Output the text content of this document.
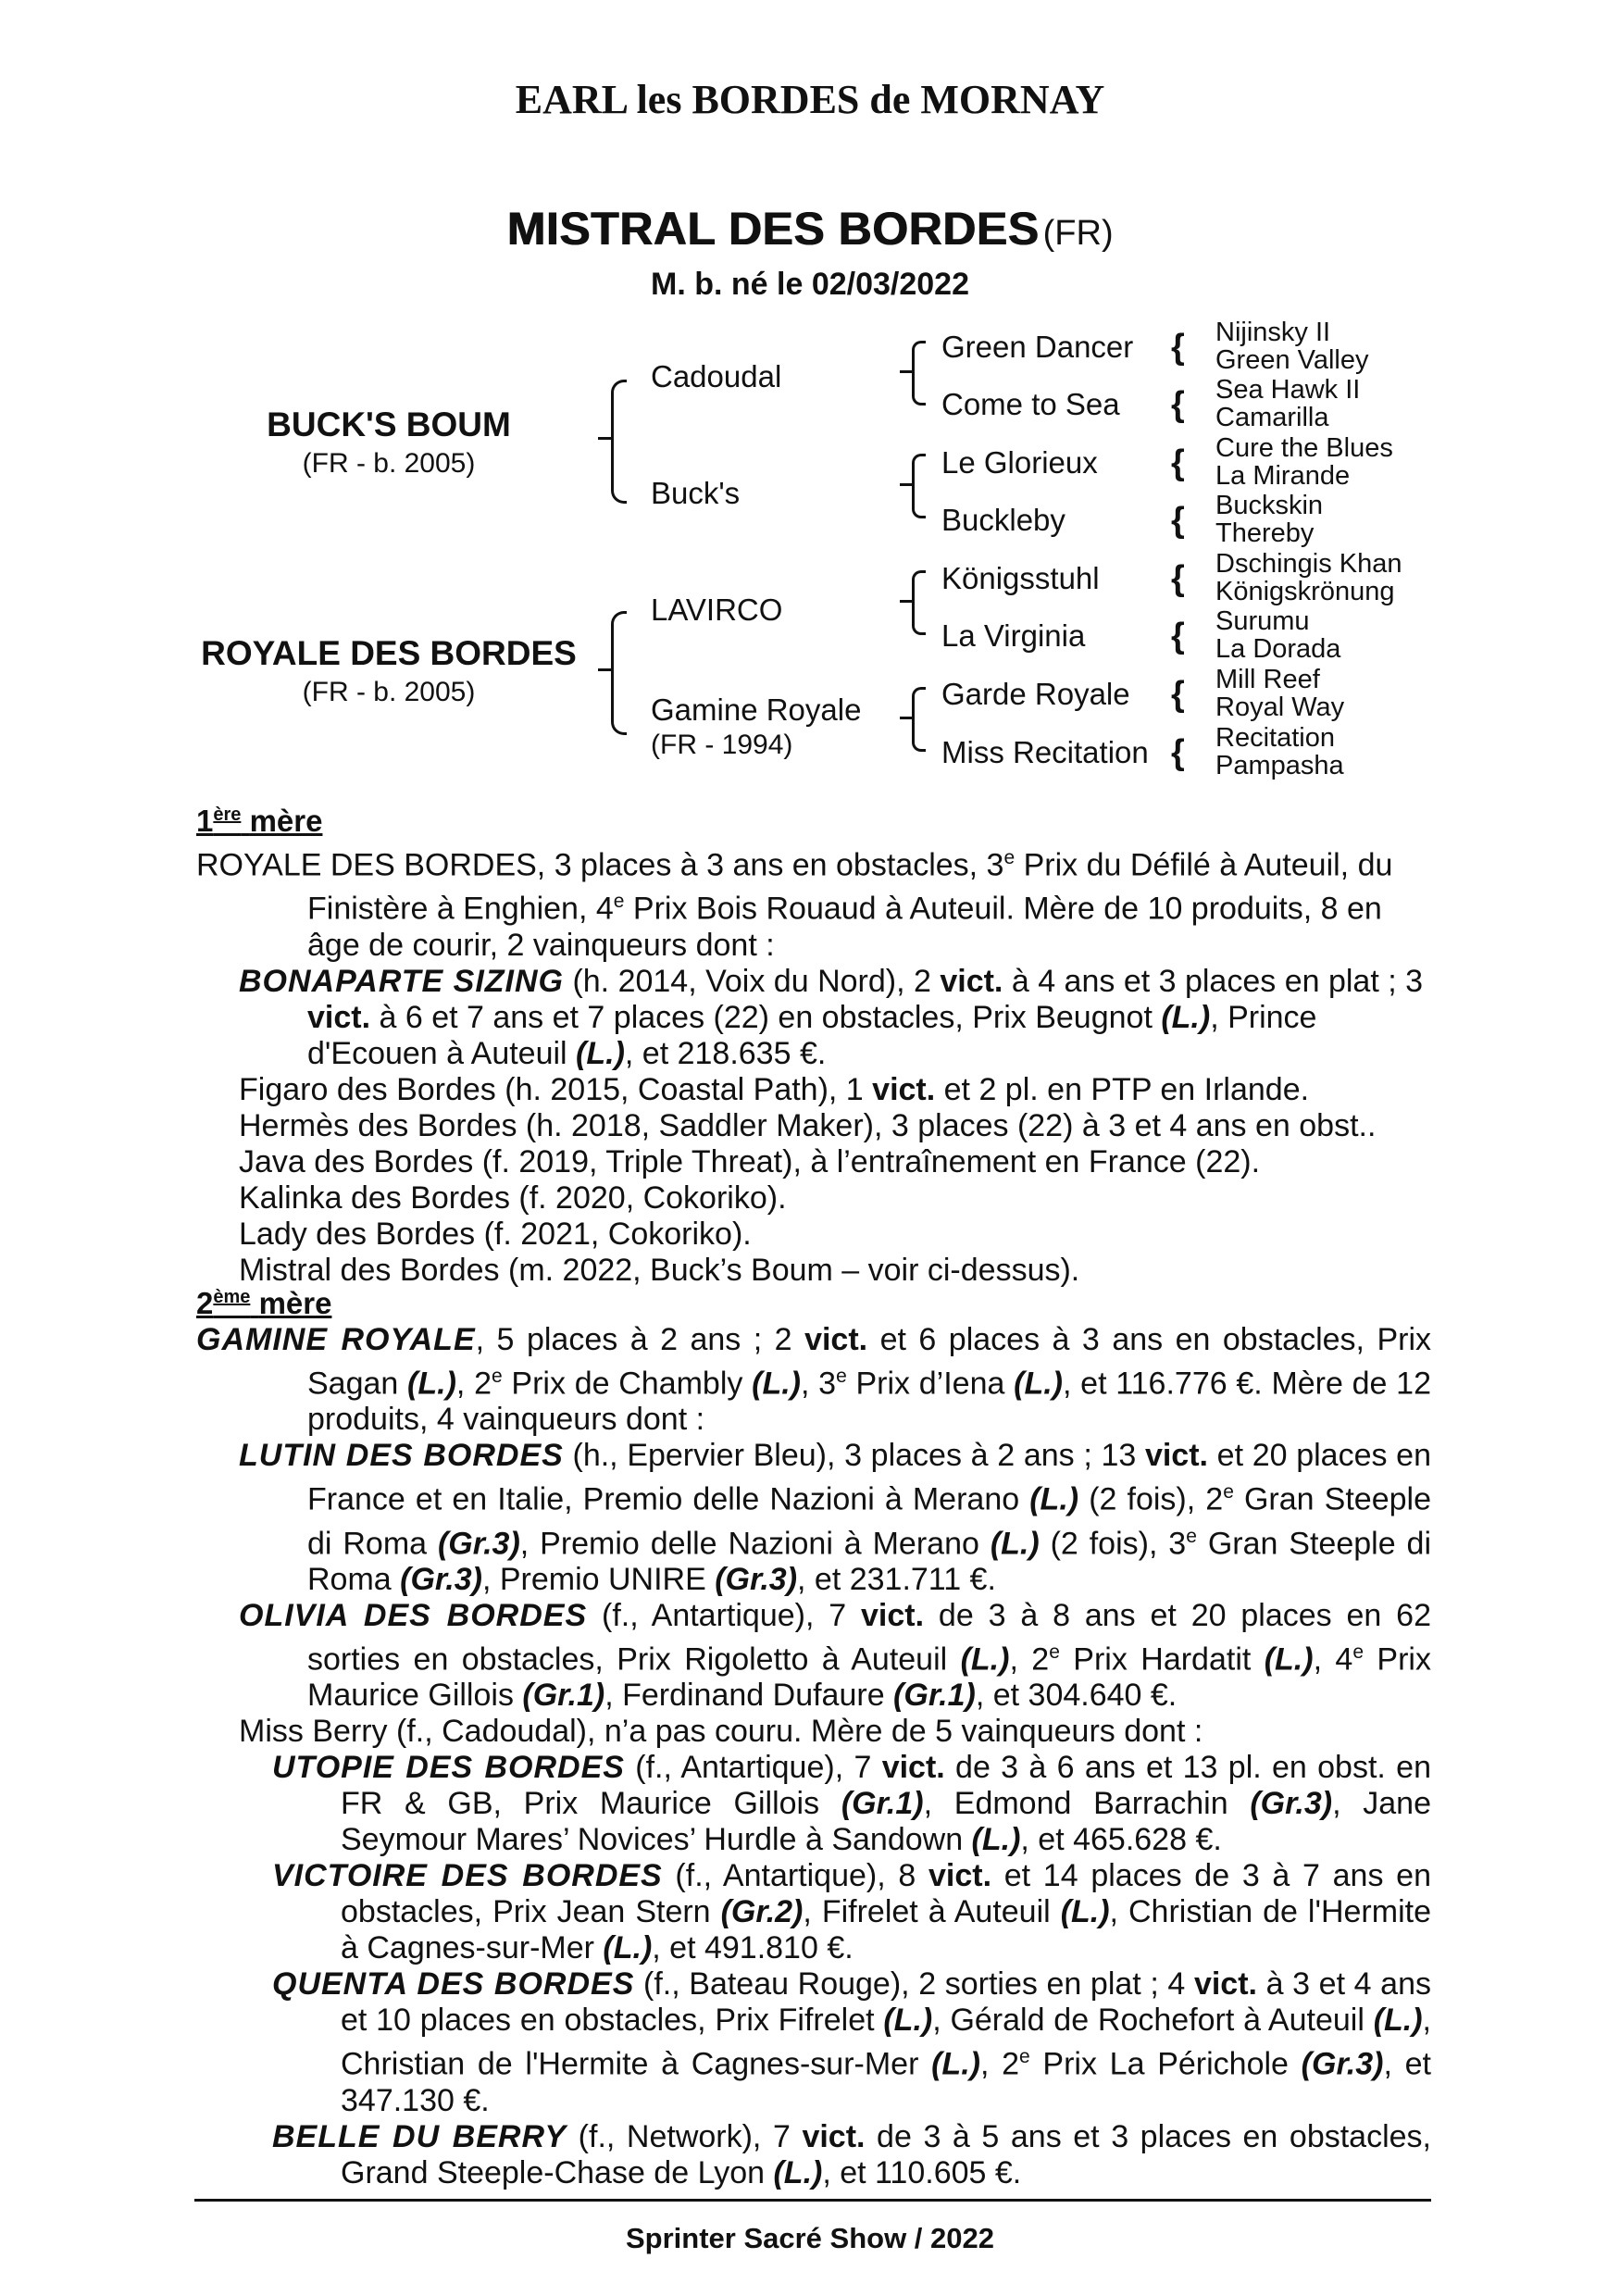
EARL les BORDES de MORNAY
MISTRAL DES BORDES (FR)
M. b. né le 02/03/2022
BUCK'S BOUM
(FR - b. 2005)
ROYALE DES BORDES
(FR - b. 2005)
Cadoudal
Buck's
LAVIRCO
Gamine Royale
(FR - 1994)
Green Dancer
Come to Sea
Le Glorieux
Buckleby
Königsstuhl
La Virginia
Garde Royale
Miss Recitation
{
{
{
{
{
{
{
{
Nijinsky II
Green Valley
Sea Hawk II
Camarilla
Cure the Blues
La Mirande
Buckskin
Thereby
Dschingis Khan
Königskrönung
Surumu
La Dorada
Mill Reef
Royal Way
Recitation
Pampasha
1ère mère

ROYALE DES BORDES, 3 places à 3 ans en obstacles, 3e Prix du Défilé à Auteuil, du Finistère à Enghien, 4e Prix Bois Rouaud à Auteuil. Mère de 10 produits, 8 en âge de courir, 2 vainqueurs dont :

BONAPARTE SIZING (h. 2014, Voix du Nord), 2 vict. à 4 ans et 3 places en plat ; 3 vict. à 6 et 7 ans et 7 places (22) en obstacles, Prix Beugnot (L.), Prince d'Ecouen à Auteuil (L.), et 218.635 €.

Figaro des Bordes (h. 2015, Coastal Path), 1 vict. et 2 pl. en PTP en Irlande.

Hermès des Bordes (h. 2018, Saddler Maker), 3 places (22) à 3 et 4 ans en obst..

Java des Bordes (f. 2019, Triple Threat), à l’entraînement en France (22).

Kalinka des Bordes (f. 2020, Cokoriko).

Lady des Bordes (f. 2021, Cokoriko).

Mistral des Bordes (m. 2022, Buck’s Boum – voir ci-dessus).

2ème mère

GAMINE ROYALE, 5 places à 2 ans ; 2 vict. et 6 places à 3 ans en obstacles, Prix Sagan (L.), 2e Prix de Chambly (L.), 3e Prix d’Iena (L.), et 116.776 €. Mère de 12 produits, 4 vainqueurs dont :

LUTIN DES BORDES (h., Epervier Bleu), 3 places à 2 ans ; 13 vict. et 20 places en France et en Italie, Premio delle Nazioni à Merano (L.) (2 fois), 2e Gran Steeple di Roma (Gr.3), Premio delle Nazioni à Merano (L.) (2 fois), 3e Gran Steeple di Roma (Gr.3), Premio UNIRE (Gr.3), et 231.711 €.

OLIVIA DES BORDES (f., Antartique), 7 vict. de 3 à 8 ans et 20 places en 62 sorties en obstacles, Prix Rigoletto à Auteuil (L.), 2e Prix Hardatit (L.), 4e Prix Maurice Gillois (Gr.1), Ferdinand Dufaure (Gr.1), et 304.640 €.

Miss Berry (f., Cadoudal), n’a pas couru. Mère de 5 vainqueurs dont :

UTOPIE DES BORDES (f., Antartique), 7 vict. de 3 à 6 ans et 13 pl. en obst. en FR & GB, Prix Maurice Gillois (Gr.1), Edmond Barrachin (Gr.3), Jane Seymour Mares’ Novices’ Hurdle à Sandown (L.), et 465.628 €.

VICTOIRE DES BORDES (f., Antartique), 8 vict. et 14 places de 3 à 7 ans en obstacles, Prix Jean Stern (Gr.2), Fifrelet à Auteuil (L.), Christian de l'Hermite à Cagnes-sur-Mer (L.), et 491.810 €.

QUENTA DES BORDES (f., Bateau Rouge), 2 sorties en plat ; 4 vict. à 3 et 4 ans et 10 places en obstacles, Prix Fifrelet (L.), Gérald de Rochefort à Auteuil (L.), Christian de l'Hermite à Cagnes-sur-Mer (L.), 2e Prix La Périchole (Gr.3), et 347.130 €.

BELLE DU BERRY (f., Network), 7 vict. de 3 à 5 ans et 3 places en obstacles, Grand Steeple-Chase de Lyon (L.), et 110.605 €.

Sprinter Sacré Show / 2022
